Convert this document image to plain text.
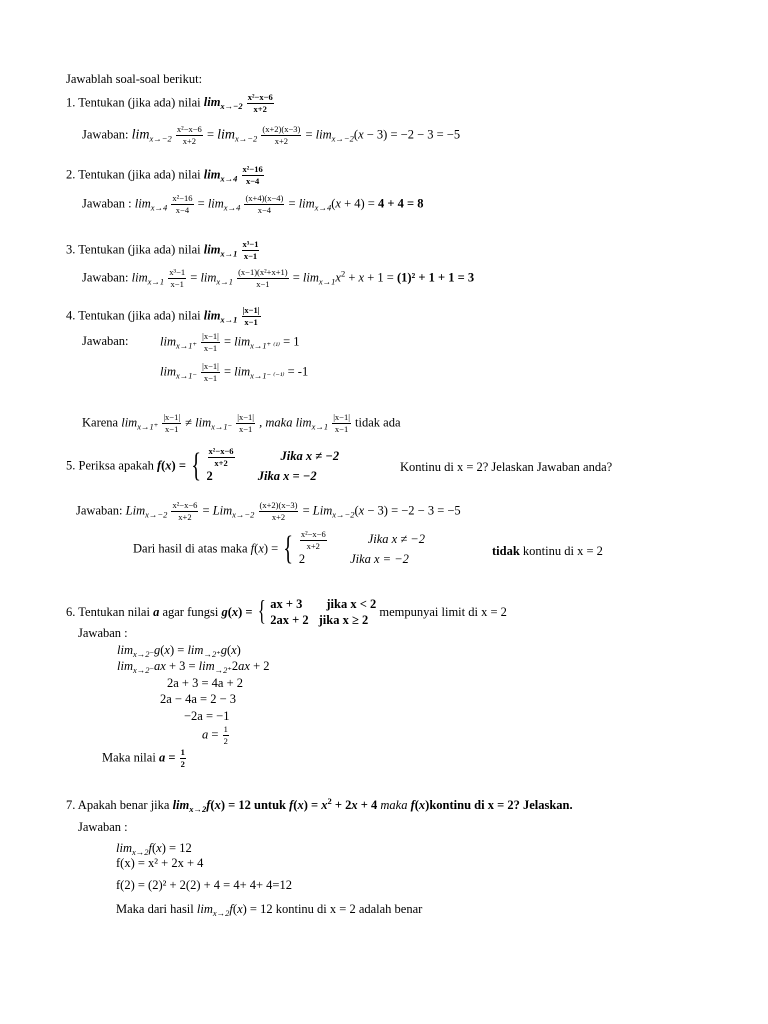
Jawablah soal-soal berikut:
1. Tentukan (jika ada) nilai $\lim_{x\to-2} \frac{\text{x²−x−6}}{x+2}$
Jawaban: $\lim_{x\to-2} \frac{\text{x²−x−6}}{x+2} = \lim_{x\to-2} \frac{(x+2)(x-3)}{x+2} = \lim_{x\to-2}(x - 3) = -2 - 3 = -5$
2. Tentukan (jika ada) nilai $\lim_{x\to 4} \frac{\text{x²−16}}{x-4}$
Jawaban : $\lim_{x\to 4} \frac{\text{x²−16}}{x-4} = \lim_{x\to 4} \frac{(x+4)(x-4)}{x-4} = \lim_{x\to 4}(x + 4) = 4 + 4 = 8$
3. Tentukan (jika ada) nilai $\lim_{x\to 1} \frac{\text{x³−1}}{x-1}$
Jawaban: $\lim_{x\to 1} \frac{\text{x³−1}}{x-1} = \lim_{x\to 1} \frac{\text{(x−1)(x²+x+1)}}{x-1} = \lim_{x\to 1}x^2 + x + 1 = (1)^2 + 1 + 1 = 3$
4. Tentukan (jika ada) nilai $\lim_{x\to 1} \frac{|x-1|}{x-1}$
Jawaban:	$\lim_{x\to 1^+} \frac{|x-1|}{x-1} = \lim_{x\to 1^+ ^{(1)}} = 1$
$\lim_{x\to 1^-} \frac{|x-1|}{x-1} = \lim_{x\to 1^- ^{(-1)}} = -1$
Karena $\lim_{x\to 1^+} \frac{|x-1|}{x-1} \ne \lim_{x\to 1^-} \frac{|x-1|}{x-1}$ , maka $\lim_{x\to 1} \frac{|x-1|}{x-1}$ tidak ada
5. Periksa apakah f(x) = { $\frac{\text{x²−x−6}}{x+2}$	Jika x ≠ −2
2	Jika x = −2
Kontinu di x = 2? Jelaskan Jawaban anda?
Jawaban: $Lim_{x\to-2} \frac{\text{x²−x−6}}{x+2} = Lim_{x\to-2} \frac{(x+2)(x-3)}{x+2} = Lim_{x\to-2}(x - 3) = -2 - 3 = -5$
Dari hasil di atas maka f(x) = { $\frac{\text{x²−x−6}}{x+2}$	Jika x ≠ −2
2	Jika x = −2
tidak kontinu di x = 2
6. Tentukan nilai a agar fungsi g(x) = { ax + 3 jika x < 2
2ax + 2 jika x ≥ 2
mempunyai limit di x = 2
Jawaban :
$\lim_{x\to 2^-}g(x) = \lim_{\to 2^+}g(x)$
$\lim_{x\to 2^-}ax + 3 = \lim_{\to 2^+}2ax + 2$
2a + 3 = 4a + 2
2a − 4a = 2 − 3
−2a = −1
$a = \frac{1}{2}$
Maka nilai $a = \frac{1}{2}$
7. Apakah benar jika $\lim_{x\to 2}f(x) = 12$ untuk $f(x) = x^2 + 2x + 4$ maka f(x)kontinu di x = 2? Jelaskan.
Jawaban :
$\lim_{x\to 2}f(x) = 12$
f(x) = x² + 2x + 4
f(2) = (2)² + 2(2) + 4 = 4+ 4+ 4=12
Maka dari hasil $\lim_{x\to 2}f(x) = 12$ kontinu di x = 2 adalah benar
